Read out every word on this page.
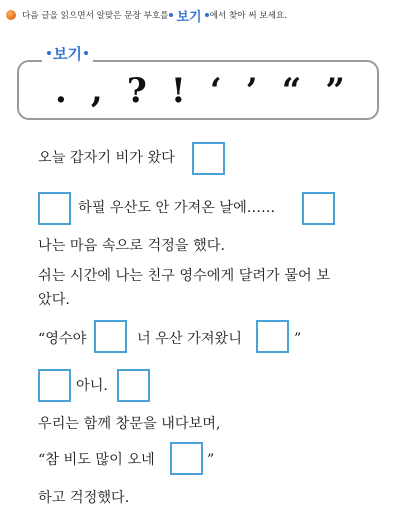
다음 글을 읽으면서 알맞은 문장 부호를 보기 에서 찾아 써 보세요.
보기
. , ? ! ‘ ’ “ ”
오늘 갑자기 비가 왔다
하필 우산도 안 가져온 날에……
나는 마음 속으로 걱정을 했다.
쉬는 시간에 나는 친구 영수에게 달려가 물어 보
았다.
“영수야	너 우산 가져왔니	”
아니.
우리는 함께 창문을 내다보며,
“참 비도 많이 오네	”
하고 걱정했다.
